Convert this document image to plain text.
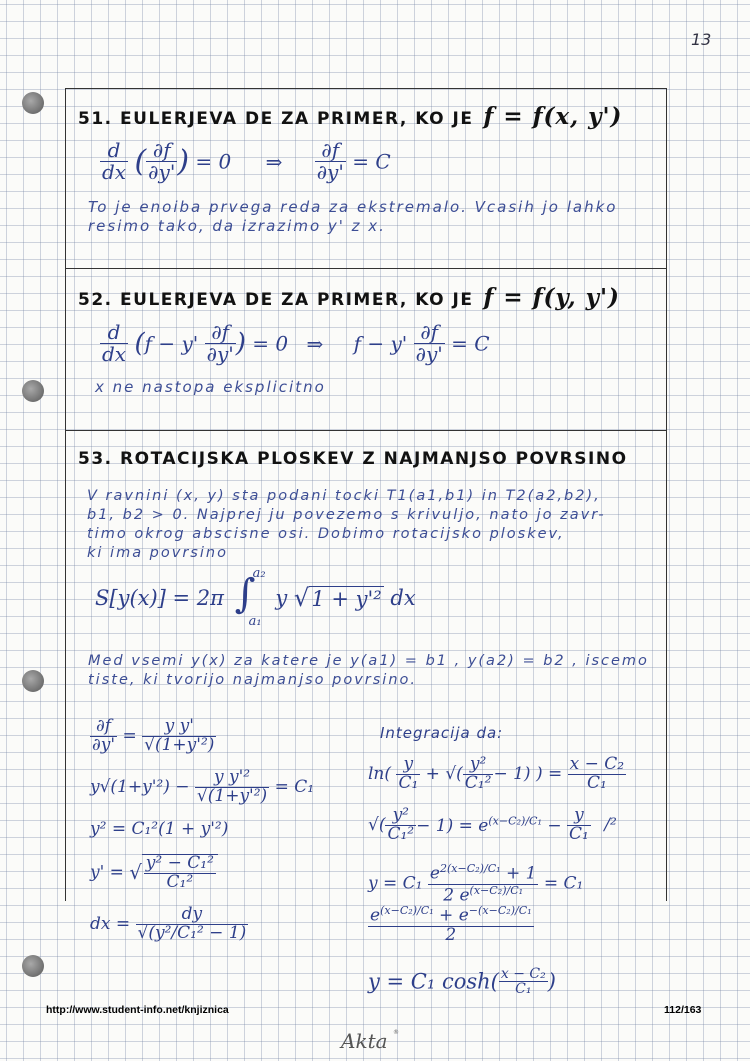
13
51. EULERJEVA DE ZA PRIMER, KO JE f = f(x, y')
$\frac{d}{dx}$ ( $\frac{\partial f}{\partial y'}$ ) = 0 ⇒ $\frac{\partial f}{\partial y'} = C$
To je enoiba prvega reda za ekstremalo. Vcasih jo lahko
resimo tako, da izrazimo y' z x.
52. EULERJEVA DE ZA PRIMER, KO JE f = f(y, y')
$\frac{d}{dx} (f - y' \frac{\partial f}{\partial y'}$ ) = 0 ⇒ $f - y' \frac{\partial f}{\partial y'} = C$
x ne nastopa eksplicitno
53. ROTACIJSKA PLOSKEV Z NAJMANJSO POVRSINO
V ravnini (x, y) sta podani tocki T1(a1,b1) in T2(a2,b2),
b1, b2 > 0. Najprej ju povezemo s krivuljo, nato jo zavr-
timo okrog abscisne osi. Dobimo rotacijsko ploskev,
ki ima povrsino
S[y(x)] = 2π ∫
a₂
a₁
y √1 + y'² dx
Med vsemi y(x) za katere je y(a1) = b1 , y(a2) = b2 , iscemo
tiste, ki tvorijo najmanjso povrsino.
$\frac{\partial f}{\partial y'} = \frac{\text{y y'}}{\text{√(1+y'²)}}$
$y√(1+y'^2) - \frac{\text{y y'²}}{\text{√(1+y'²)}} = C_1$
y² = C₁²(1 + y'²)
y' = √ $\frac{\text{y² − C₁²}}{\text{C₁²}}$
dx = $\frac{dy}{\text{√(y²/C₁² − 1)}}$
Integracija da:
$\ln( \frac{y}{\text{C₁}}$ + √( $\frac{\text{y²}}{\text{C₁²}} - 1$) ) = $\frac{\text{x − C₂}}{\text{C₁}}$
√( $\frac{\text{y²}}{\text{C₁²}} - 1) = e^{(x-C_2)/C_1} - \frac{y}{\text{C₁}} /^2$
$y = C_1 \frac{e^{2(x-C_2)/C_1} + 1}{2 e^{(x-C_2)/C_1}} = C_1$
$\frac{e^{(x-C_2)/C_1} + e^{-(x-C_2)/C_1}}{2}$
y = C₁ $\cosh( \frac{\text{x − C₂}}{\text{C₁}}$ )
http://www.student-info.net/knjiznica	112/163
Akta ®
